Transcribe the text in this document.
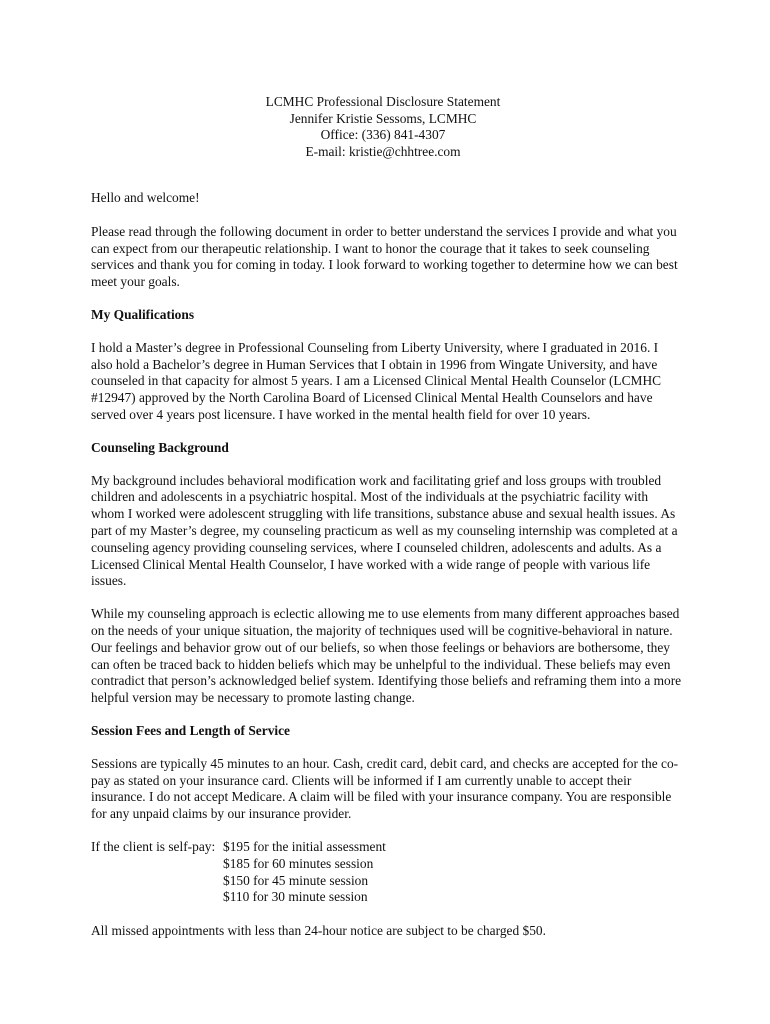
LCMHC Professional Disclosure Statement
Jennifer Kristie Sessoms, LCMHC
Office: (336) 841-4307
E-mail: kristie@chhtree.com

Hello and welcome!

Please read through the following document in order to better understand the services I provide and what you can expect from our therapeutic relationship. I want to honor the courage that it takes to seek counseling services and thank you for coming in today. I look forward to working together to determine how we can best meet your goals.

My Qualifications

I hold a Master’s degree in Professional Counseling from Liberty University, where I graduated in 2016. I also hold a Bachelor’s degree in Human Services that I obtain in 1996 from Wingate University, and have counseled in that capacity for almost 5 years. I am a Licensed Clinical Mental Health Counselor (LCMHC #12947) approved by the North Carolina Board of Licensed Clinical Mental Health Counselors and have served over 4 years post licensure. I have worked in the mental health field for over 10 years.

Counseling Background

My background includes behavioral modification work and facilitating grief and loss groups with troubled children and adolescents in a psychiatric hospital. Most of the individuals at the psychiatric facility with whom I worked were adolescent struggling with life transitions, substance abuse and sexual health issues. As part of my Master’s degree, my counseling practicum as well as my counseling internship was completed at a counseling agency providing counseling services, where I counseled children, adolescents and adults. As a Licensed Clinical Mental Health Counselor, I have worked with a wide range of people with various life issues.

While my counseling approach is eclectic allowing me to use elements from many different approaches based on the needs of your unique situation, the majority of techniques used will be cognitive-behavioral in nature. Our feelings and behavior grow out of our beliefs, so when those feelings or behaviors are bothersome, they can often be traced back to hidden beliefs which may be unhelpful to the individual. These beliefs may even contradict that person’s acknowledged belief system. Identifying those beliefs and reframing them into a more helpful version may be necessary to promote lasting change.

Session Fees and Length of Service

Sessions are typically 45 minutes to an hour. Cash, credit card, debit card, and checks are accepted for the co-pay as stated on your insurance card. Clients will be informed if I am currently unable to accept their insurance. I do not accept Medicare. A claim will be filed with your insurance company. You are responsible for any unpaid claims by our insurance provider.

If the client is self-pay: $195 for the initial assessment
$185 for 60 minutes session
$150 for 45 minute session
$110 for 30 minute session

All missed appointments with less than 24-hour notice are subject to be charged $50.
